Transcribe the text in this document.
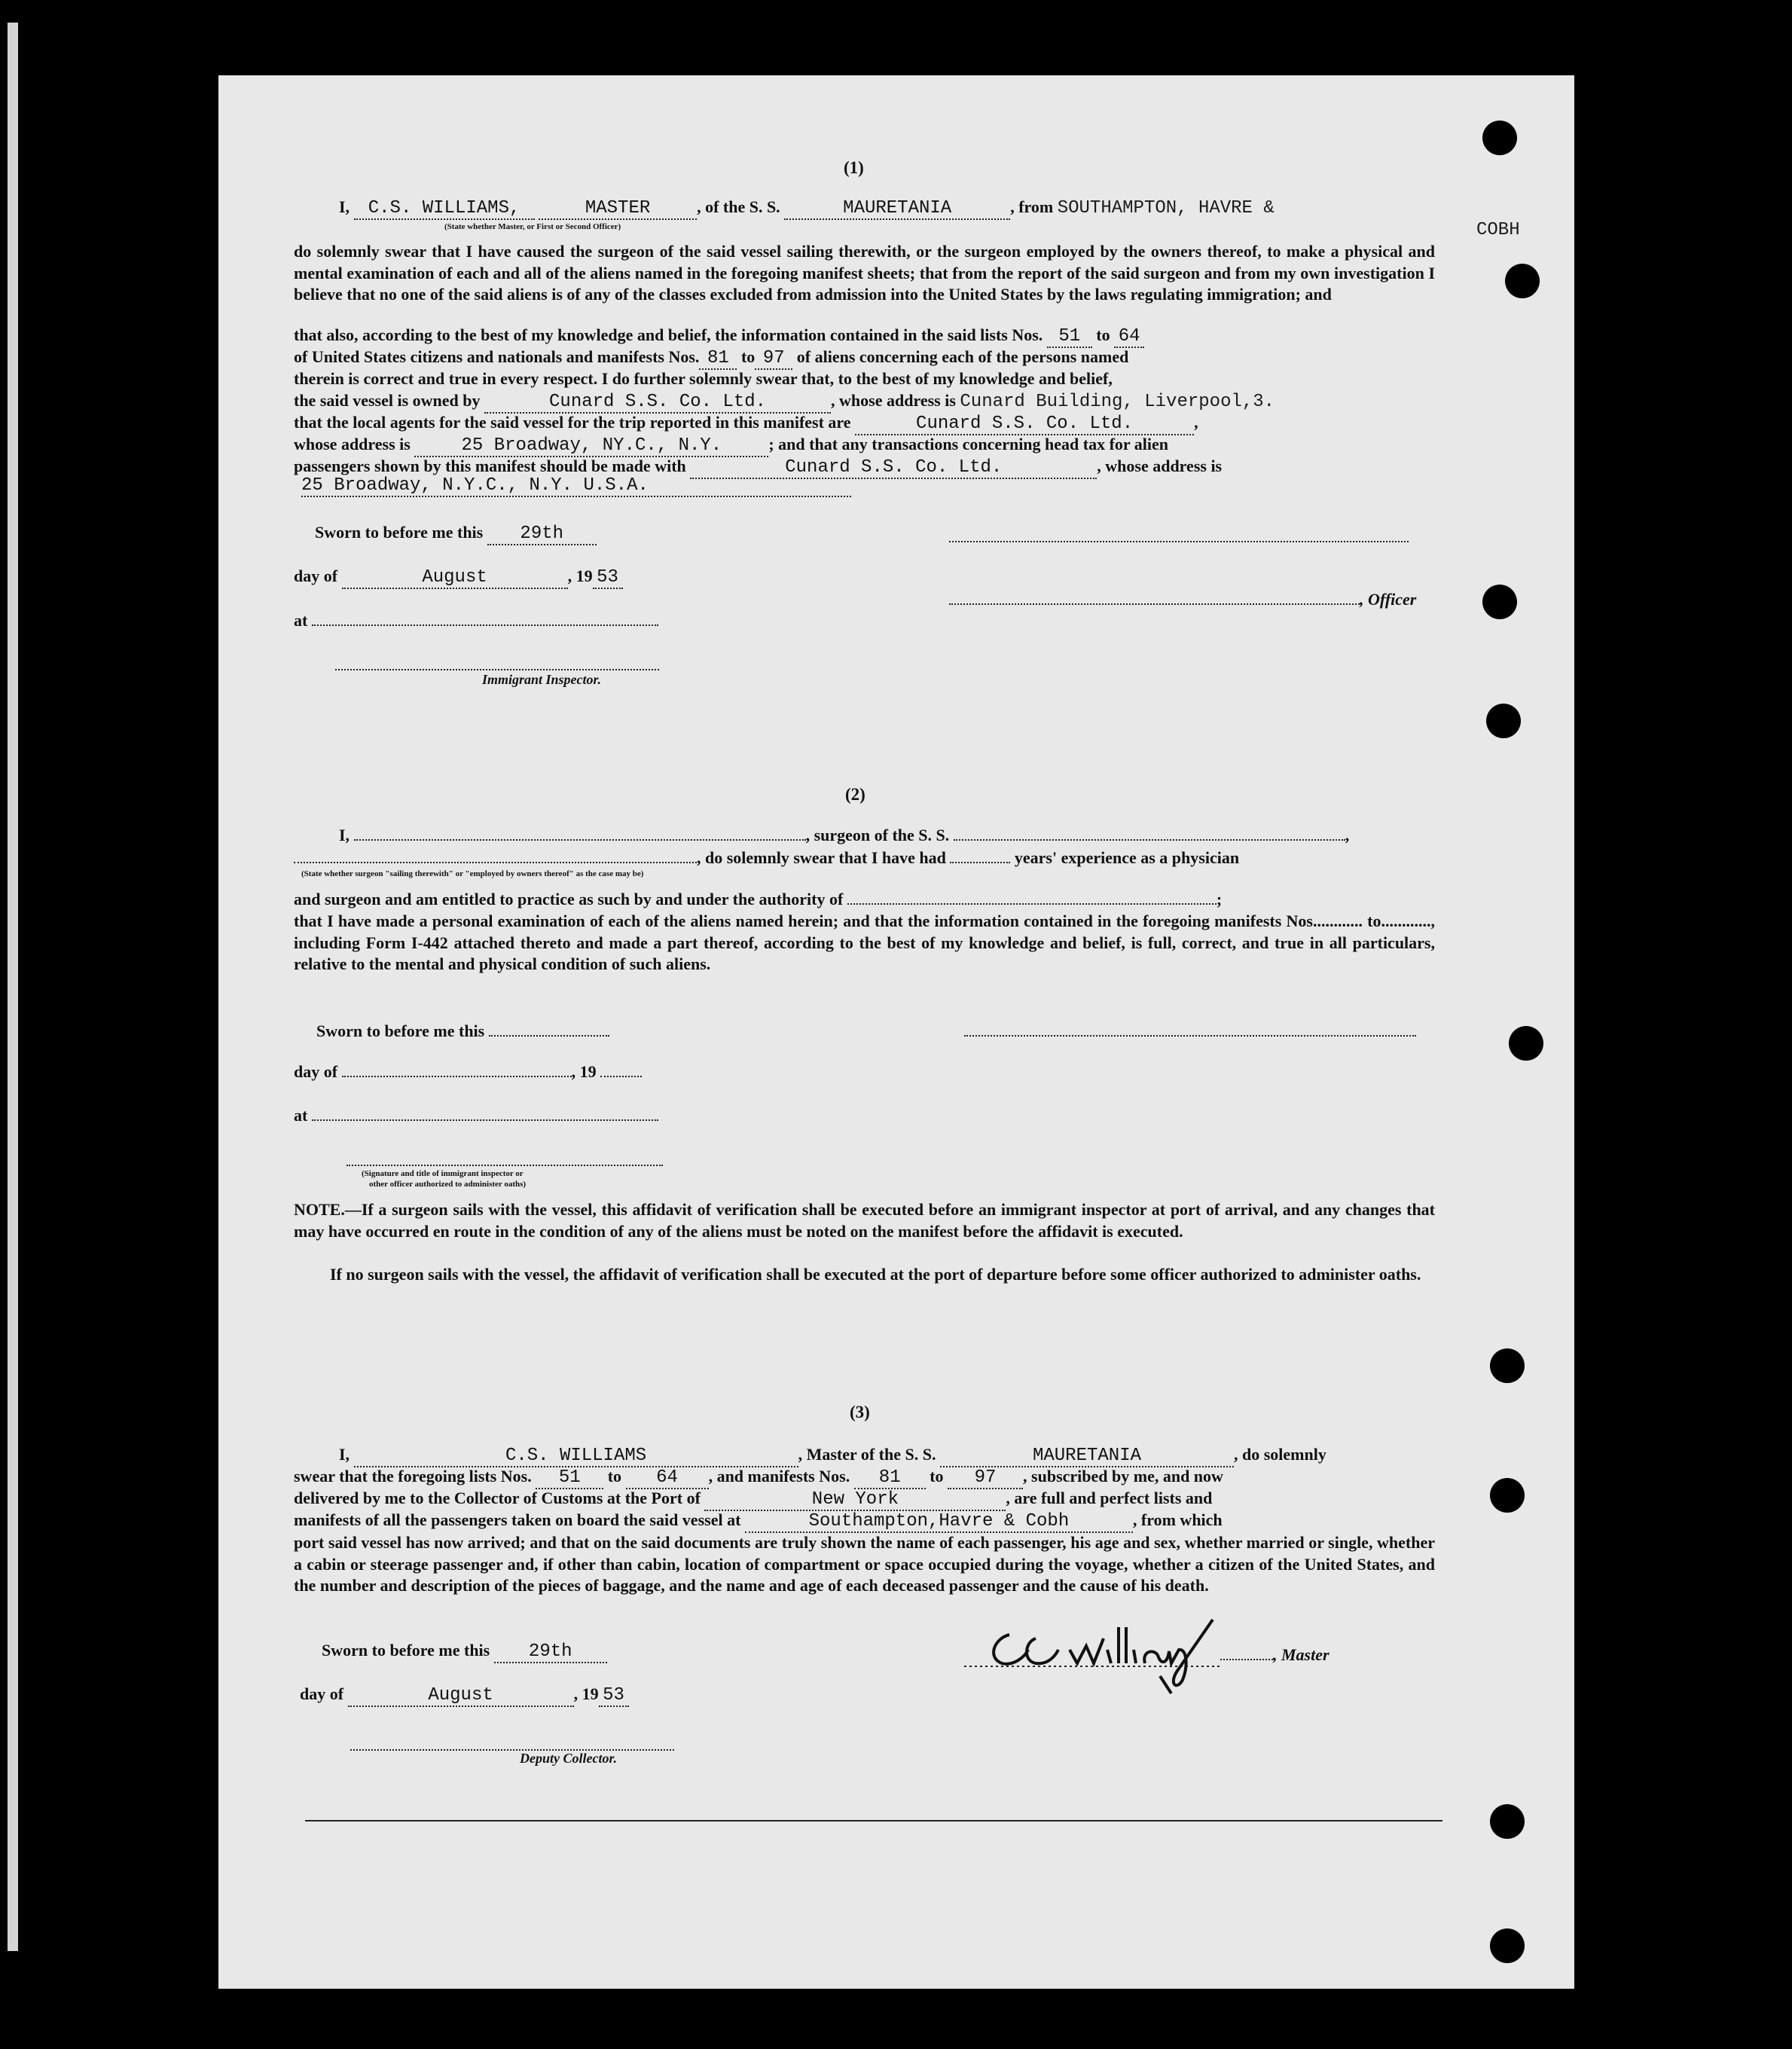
(1)
I, C.S. WILLIAMS,	MASTER	, of the S. S.	MAURETANIA	, from SOUTHAMPTON, HAVRE &
COBH
(State whether Master, or First or Second Officer)
do solemnly swear that I have caused the surgeon of the said vessel sailing therewith, or the surgeon employed by the owners thereof, to make a physical and mental examination of each and all of the aliens named in the foregoing manifest sheets; that from the report of the said surgeon and from my own investigation I believe that no one of the said aliens is of any of the classes excluded from admission into the United States by the laws regulating immigration; and
that also, according to the best of my knowledge and belief, the information contained in the said lists Nos. 51 to 64
of United States citizens and nationals and manifests Nos. 81 to 97 of aliens concerning each of the persons named
therein is correct and true in every respect. I do further solemnly swear that, to the best of my knowledge and belief,
the said vessel is owned by	Cunard S.S. Co. Ltd.	, whose address is Cunard Building, Liverpool,3.
that the local agents for the said vessel for the trip reported in this manifest are	Cunard S.S. Co. Ltd.	,
whose address is	25 Broadway, NY.C., N.Y.	; and that any transactions concerning head tax for alien
passengers shown by this manifest should be made with	Cunard S.S. Co. Ltd.	, whose address is
25 Broadway, N.Y.C., N.Y. U.S.A.
Sworn to before me this 29th
day of	August	, 19 53
, Officer
at
Immigrant Inspector.
(2)
I,	, surgeon of the S. S.	,
, do solemnly swear that I have had	years' experience as a physician
(State whether surgeon "sailing therewith" or "employed by owners thereof" as the case may be)
and surgeon and am entitled to practice as such by and under the authority of	;
that I have made a personal examination of each of the aliens named herein; and that the information contained in the foregoing manifests Nos............ to............, including Form I-442 attached thereto and made a part thereof, according to the best of my knowledge and belief, is full, correct, and true in all particulars, relative to the mental and physical condition of such aliens.
Sworn to before me this
day of	, 19
at
(Signature and title of immigrant inspector or
other officer authorized to administer oaths)
NOTE.—If a surgeon sails with the vessel, this affidavit of verification shall be executed before an immigrant inspector at port of arrival, and any changes that may have occurred en route in the condition of any of the aliens must be noted on the manifest before the affidavit is executed.
If no surgeon sails with the vessel, the affidavit of verification shall be executed at the port of departure before some officer authorized to administer oaths.
(3)
I,	C.S. WILLIAMS	, Master of the S. S.	MAURETANIA	, do solemnly
swear that the foregoing lists Nos. 51 to 64 , and manifests Nos. 81 to 97 , subscribed by me, and now
delivered by me to the Collector of Customs at the Port of	New York	, are full and perfect lists and
manifests of all the passengers taken on board the said vessel at	Southampton,Havre & Cobh	, from which
port said vessel has now arrived; and that on the said documents are truly shown the name of each passenger, his age and sex, whether married or single, whether a cabin or steerage passenger and, if other than cabin, location of compartment or space occupied during the voyage, whether a citizen of the United States, and the number and description of the pieces of baggage, and the name and age of each deceased passenger and the cause of his death.
Sworn to before me this 29th	, Master
day of	August	, 19 53
Deputy Collector.
